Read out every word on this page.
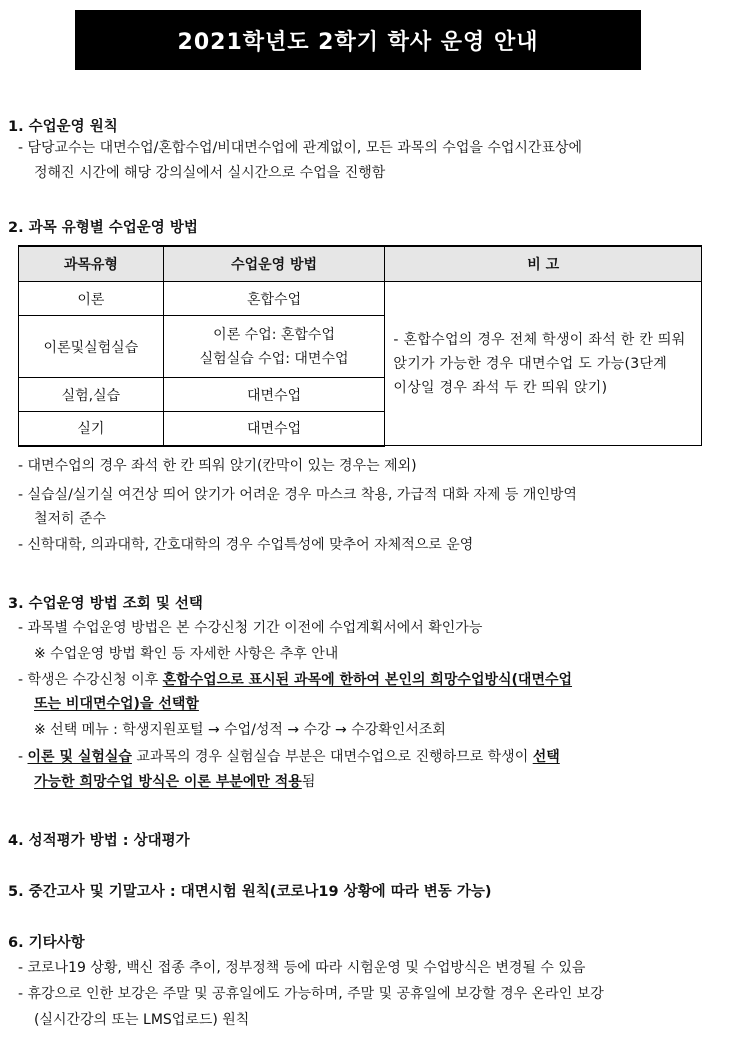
2021학년도 2학기 학사 운영 안내
1. 수업운영 원칙
- 담당교수는 대면수업/혼합수업/비대면수업에 관계없이, 모든 과목의 수업을 수업시간표상에
정해진 시간에 해당 강의실에서 실시간으로 수업을 진행함
2. 과목 유형별 수업운영 방법
과목유형	수업운영 방법	비 고
이론	혼합수업	- 혼합수업의 경우 전체 학생이 좌석 한 칸 띄워 앉기가 가능한 경우 대면수업 도 가능(3단계 이상일 경우 좌석 두 칸 띄워 앉기)
이론및실험실습	이론 수업: 혼합수업
실험실습 수업: 대면수업	

실험,실습	대면수업	
실기	대면수업	
- 대면수업의 경우 좌석 한 칸 띄워 앉기(칸막이 있는 경우는 제외)
- 실습실/실기실 여건상 띄어 앉기가 어려운 경우 마스크 착용, 가급적 대화 자제 등 개인방역
철저히 준수
- 신학대학, 의과대학, 간호대학의 경우 수업특성에 맞추어 자체적으로 운영
3. 수업운영 방법 조회 및 선택
- 과목별 수업운영 방법은 본 수강신청 기간 이전에 수업계획서에서 확인가능
※ 수업운영 방법 확인 등 자세한 사항은 추후 안내
- 학생은 수강신청 이후 혼합수업으로 표시된 과목에 한하여 본인의 희망수업방식(대면수업
또는 비대면수업)을 선택함
※ 선택 메뉴 : 학생지원포털 → 수업/성적 → 수강 → 수강확인서조회
- 이론 및 실험실습 교과목의 경우 실험실습 부분은 대면수업으로 진행하므로 학생이 선택
가능한 희망수업 방식은 이론 부분에만 적용됨
4. 성적평가 방법 : 상대평가
5. 중간고사 및 기말고사 : 대면시험 원칙(코로나19 상황에 따라 변동 가능)
6. 기타사항
- 코로나19 상황, 백신 접종 추이, 정부정책 등에 따라 시험운영 및 수업방식은 변경될 수 있음
- 휴강으로 인한 보강은 주말 및 공휴일에도 가능하며, 주말 및 공휴일에 보강할 경우 온라인 보강
(실시간강의 또는 LMS업로드) 원칙
